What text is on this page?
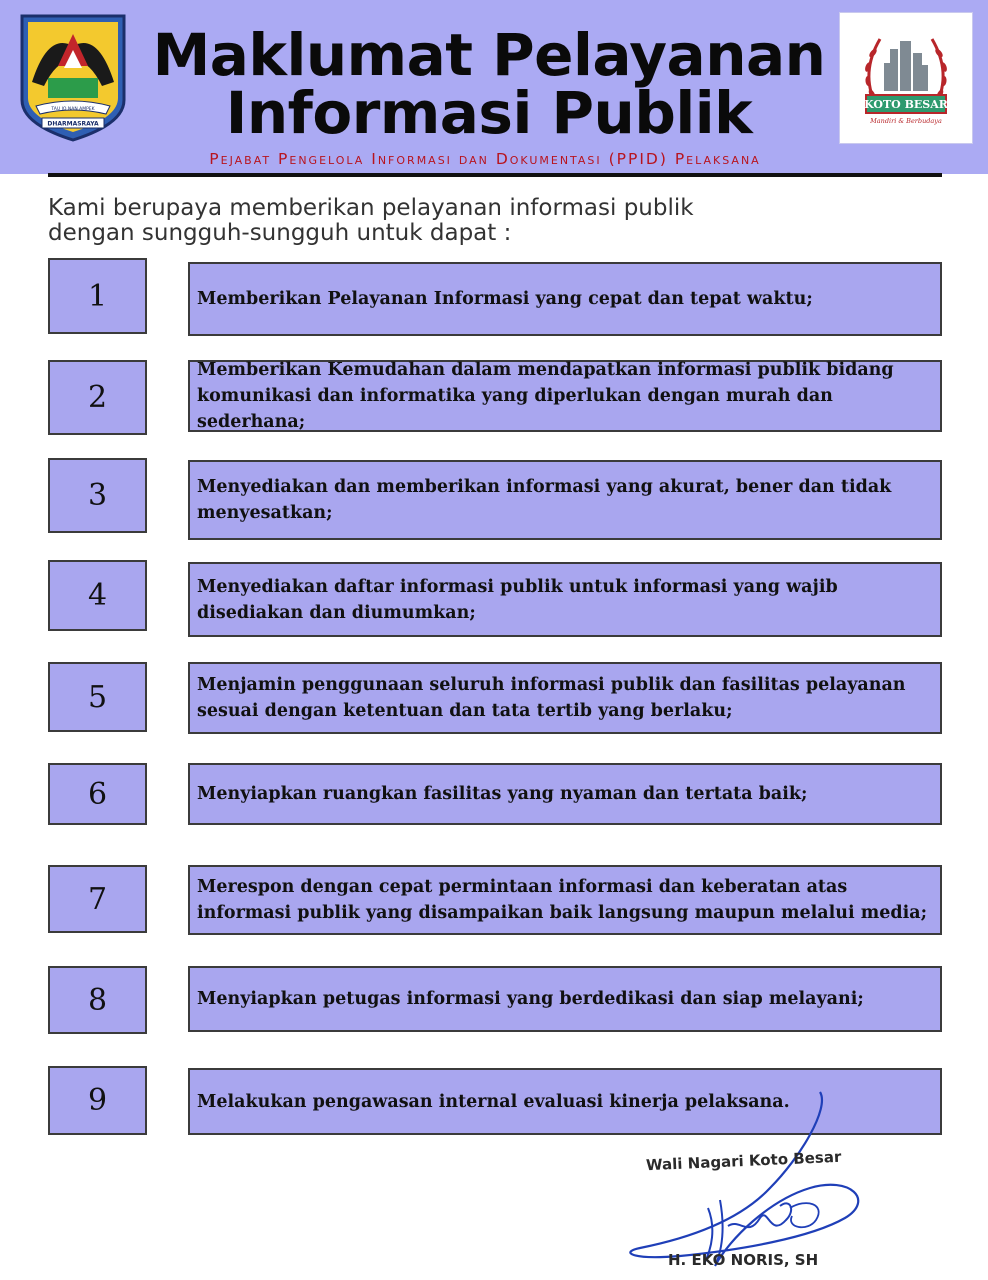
TAU JO NAN AMPEK
DHARMASRAYA
Maklumat Pelayanan
Informasi Publik	KOTO BESAR
Mandiri & Berbudaya
Pejabat Pengelola Informasi dan Dokumentasi (PPID) Pelaksana
Kami berupaya memberikan pelayanan informasi publik
dengan sungguh-sungguh untuk dapat :
1	Memberikan Pelayanan Informasi yang cepat dan tepat waktu;
2
Memberikan Kemudahan dalam mendapatkan informasi publik bidang komunikasi dan informatika yang diperlukan dengan murah dan sederhana;
3	Menyediakan dan memberikan informasi yang akurat, bener dan tidak menyesatkan;
4	Menyediakan daftar informasi publik untuk informasi yang wajib disediakan dan diumumkan;
5	Menjamin penggunaan seluruh informasi publik dan fasilitas pelayanan sesuai dengan ketentuan dan tata tertib yang berlaku;
6	Menyiapkan ruangkan fasilitas yang nyaman dan tertata baik;
7	Merespon dengan cepat permintaan informasi dan keberatan atas informasi publik yang disampaikan baik langsung maupun melalui media;
8	Menyiapkan petugas informasi yang berdedikasi dan siap melayani;
9	Melakukan pengawasan internal evaluasi kinerja pelaksana.
Wali Nagari Koto Besar
H. EKO NORIS, SH
